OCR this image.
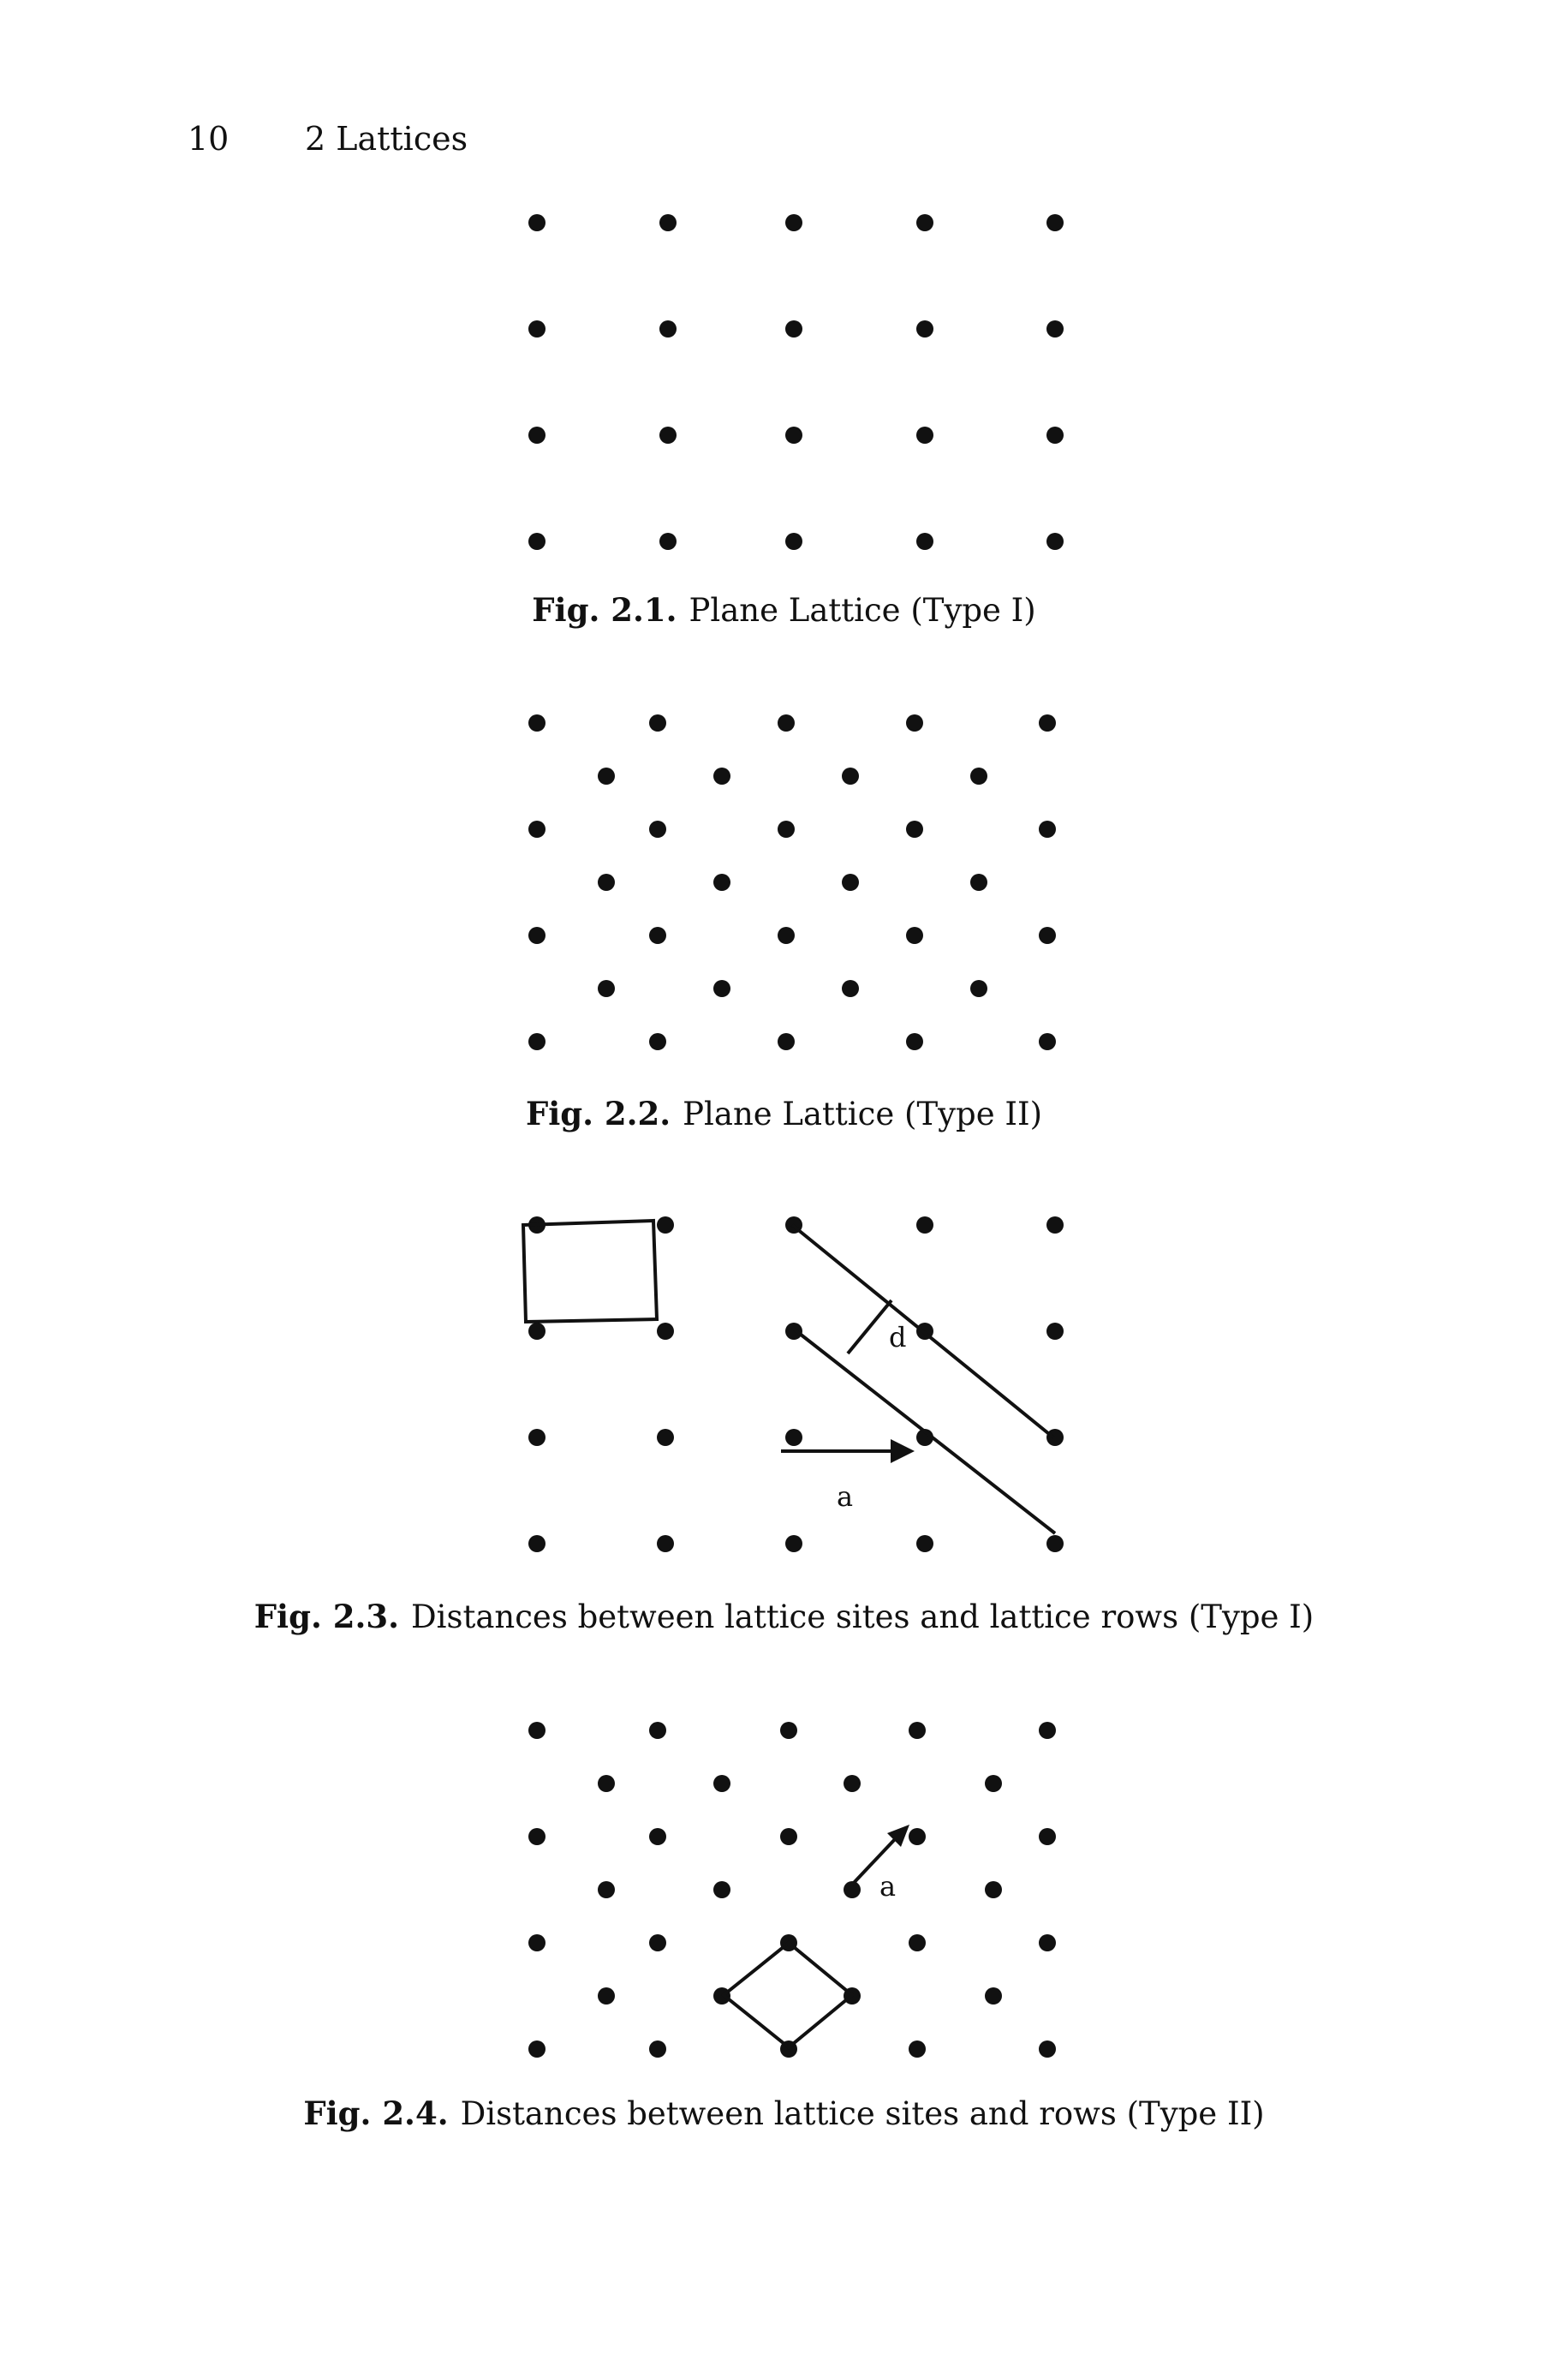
10 2 Lattices
Fig. 2.1. Plane Lattice (Type I)
Fig. 2.2. Plane Lattice (Type II)
d
a
Fig. 2.3. Distances between lattice sites and lattice rows (Type I)
a
Fig. 2.4. Distances between lattice sites and rows (Type II)
